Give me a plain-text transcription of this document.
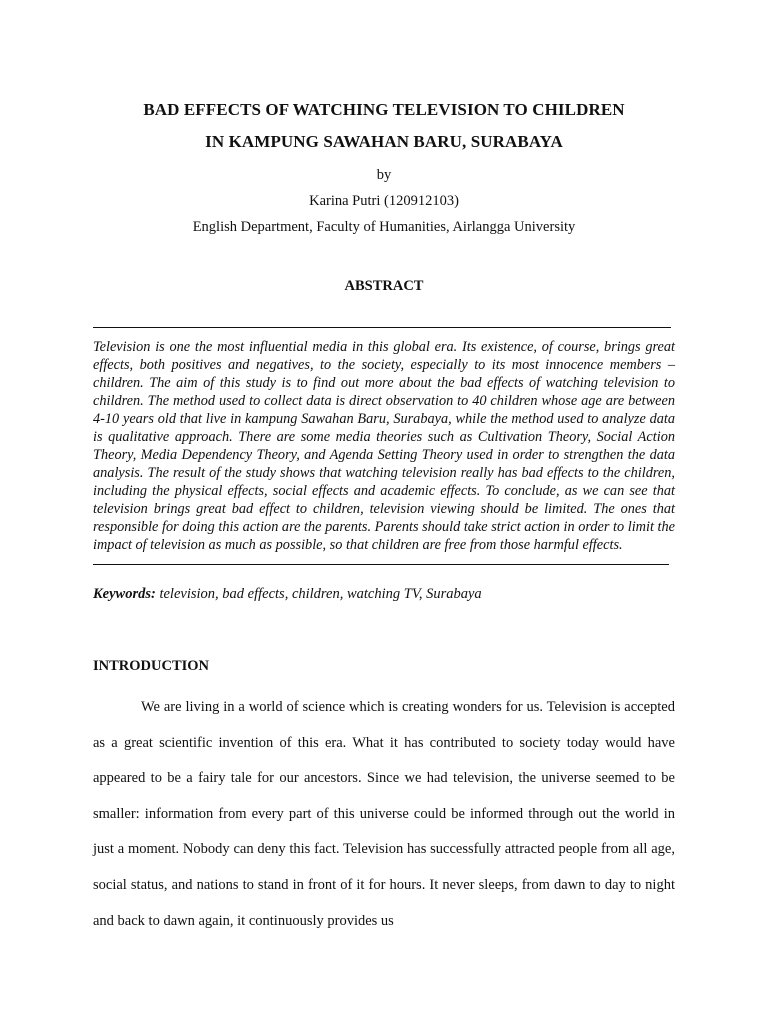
BAD EFFECTS OF WATCHING TELEVISION TO CHILDREN
IN KAMPUNG SAWAHAN BARU, SURABAYA
by
Karina Putri (120912103)
English Department, Faculty of Humanities, Airlangga University
ABSTRACT

Television is one the most influential media in this global era. Its existence, of course, brings great effects, both positives and negatives, to the society, especially to its most innocence members – children. The aim of this study is to find out more about the bad effects of watching television to children. The method used to collect data is direct observation to 40 children whose age are between 4-10 years old that live in kampung Sawahan Baru, Surabaya, while the method used to analyze data is qualitative approach. There are some media theories such as Cultivation Theory, Social Action Theory, Media Dependency Theory, and Agenda Setting Theory used in order to strengthen the data analysis. The result of the study shows that watching television really has bad effects to the children, including the physical effects, social effects and academic effects. To conclude, as we can see that television brings great bad effect to children, television viewing should be limited. The ones that responsible for doing this action are the parents. Parents should take strict action in order to limit the impact of television as much as possible, so that children are free from those harmful effects.

Keywords: television, bad effects, children, watching TV, Surabaya
INTRODUCTION

We are living in a world of science which is creating wonders for us. Television is accepted as a great scientific invention of this era. What it has contributed to society today would have appeared to be a fairy tale for our ancestors. Since we had television, the universe seemed to be smaller: information from every part of this universe could be informed through out the world in just a moment. Nobody can deny this fact. Television has successfully attracted people from all age, social status, and nations to stand in front of it for hours. It never sleeps, from dawn to day to night and back to dawn again, it continuously provides us
